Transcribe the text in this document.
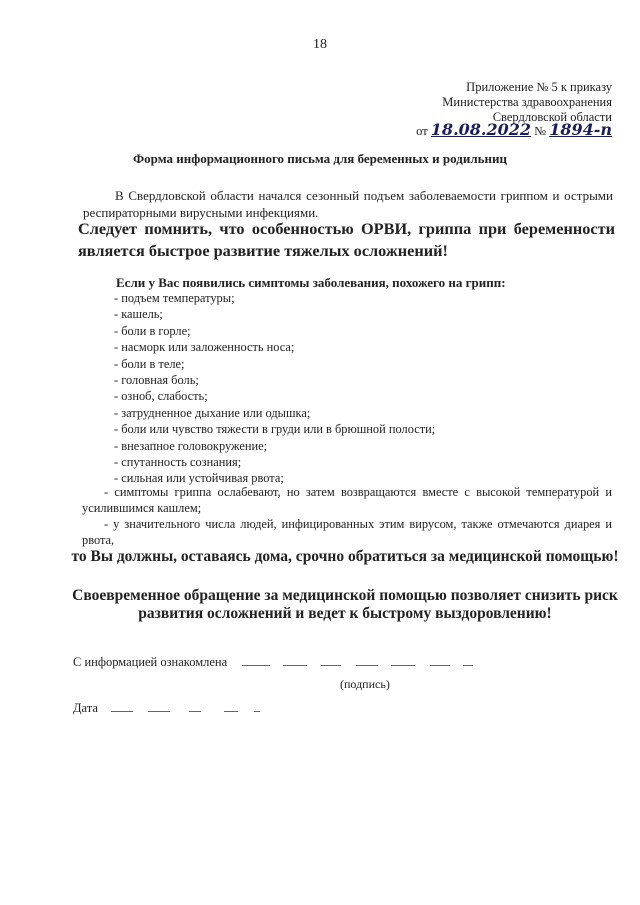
18
Приложение № 5 к приказу
Министерства здравоохранения
Свердловской области
от 18.08.2022 № 1894-п
Форма информационного письма для беременных и родильниц
В Свердловской области начался сезонный подъем заболеваемости гриппом и острыми респираторными вирусными инфекциями.
Следует помнить, что особенностью ОРВИ, гриппа при беременности является быстрое развитие тяжелых осложнений!
Если у Вас появились симптомы заболевания, похожего на грипп:
- подъем температуры;
- кашель;
- боли в горле;
- насморк или заложенность носа;
- боли в теле;
- головная боль;
- озноб, слабость;
- затрудненное дыхание или одышка;
- боли или чувство тяжести в груди или в брюшной полости;
- внезапное головокружение;
- спутанность сознания;
- сильная или устойчивая рвота;
- симптомы гриппа ослабевают, но затем возвращаются вместе с высокой температурой и усилившимся кашлем;
- у значительного числа людей, инфицированных этим вирусом, также отмечаются диарея и рвота,
то Вы должны, оставаясь дома, срочно обратиться за медицинской помощью!
Своевременное обращение за медицинской помощью позволяет снизить риск развития осложнений и ведет к быстрому выздоровлению!
С информацией ознакомлена
(подпись)
Дата
